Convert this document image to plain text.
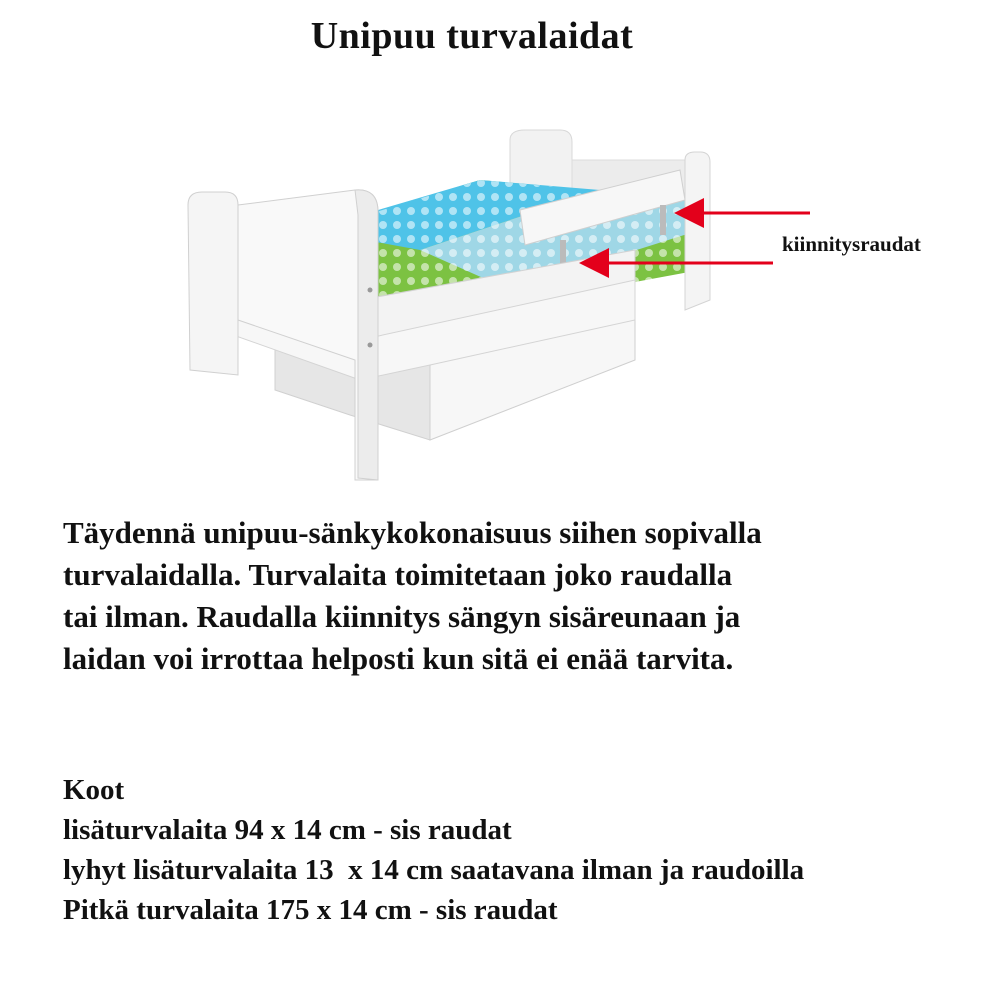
Unipuu turvalaidat
kiinnitysraudat

Täydennä unipuu-sänkykokonaisuus siihen sopivalla

turvalaidalla. Turvalaita toimitetaan joko raudalla

tai ilman. Raudalla kiinnitys sängyn sisäreunaan ja

laidan voi irrottaa helposti kun sitä ei enää tarvita.

Koot
lisäturvalaita 94 x 14 cm - sis raudat
lyhyt lisäturvalaita 13  x 14 cm saatavana ilman ja raudoilla
Pitkä turvalaita 175 x 14 cm - sis raudat
